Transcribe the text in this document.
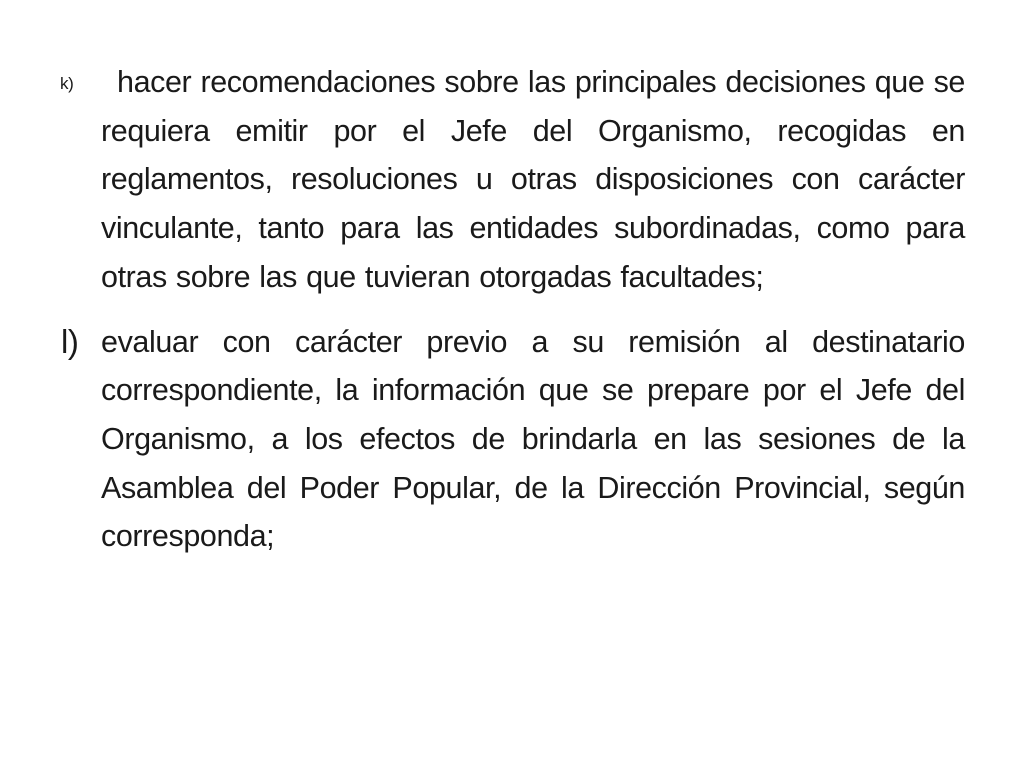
k) hacer recomendaciones sobre las principales decisiones que se requiera emitir por el Jefe del Organismo, recogidas en reglamentos, resoluciones u otras disposiciones con carácter vinculante, tanto para las entidades subordinadas, como para otras sobre las que tuvieran otorgadas facultades;
l) evaluar con carácter previo a su remisión al destinatario correspondiente, la información que se prepare por el Jefe del Organismo, a los efectos de brindarla en las sesiones de la Asamblea del Poder Popular, de la Dirección Provincial, según corresponda;
